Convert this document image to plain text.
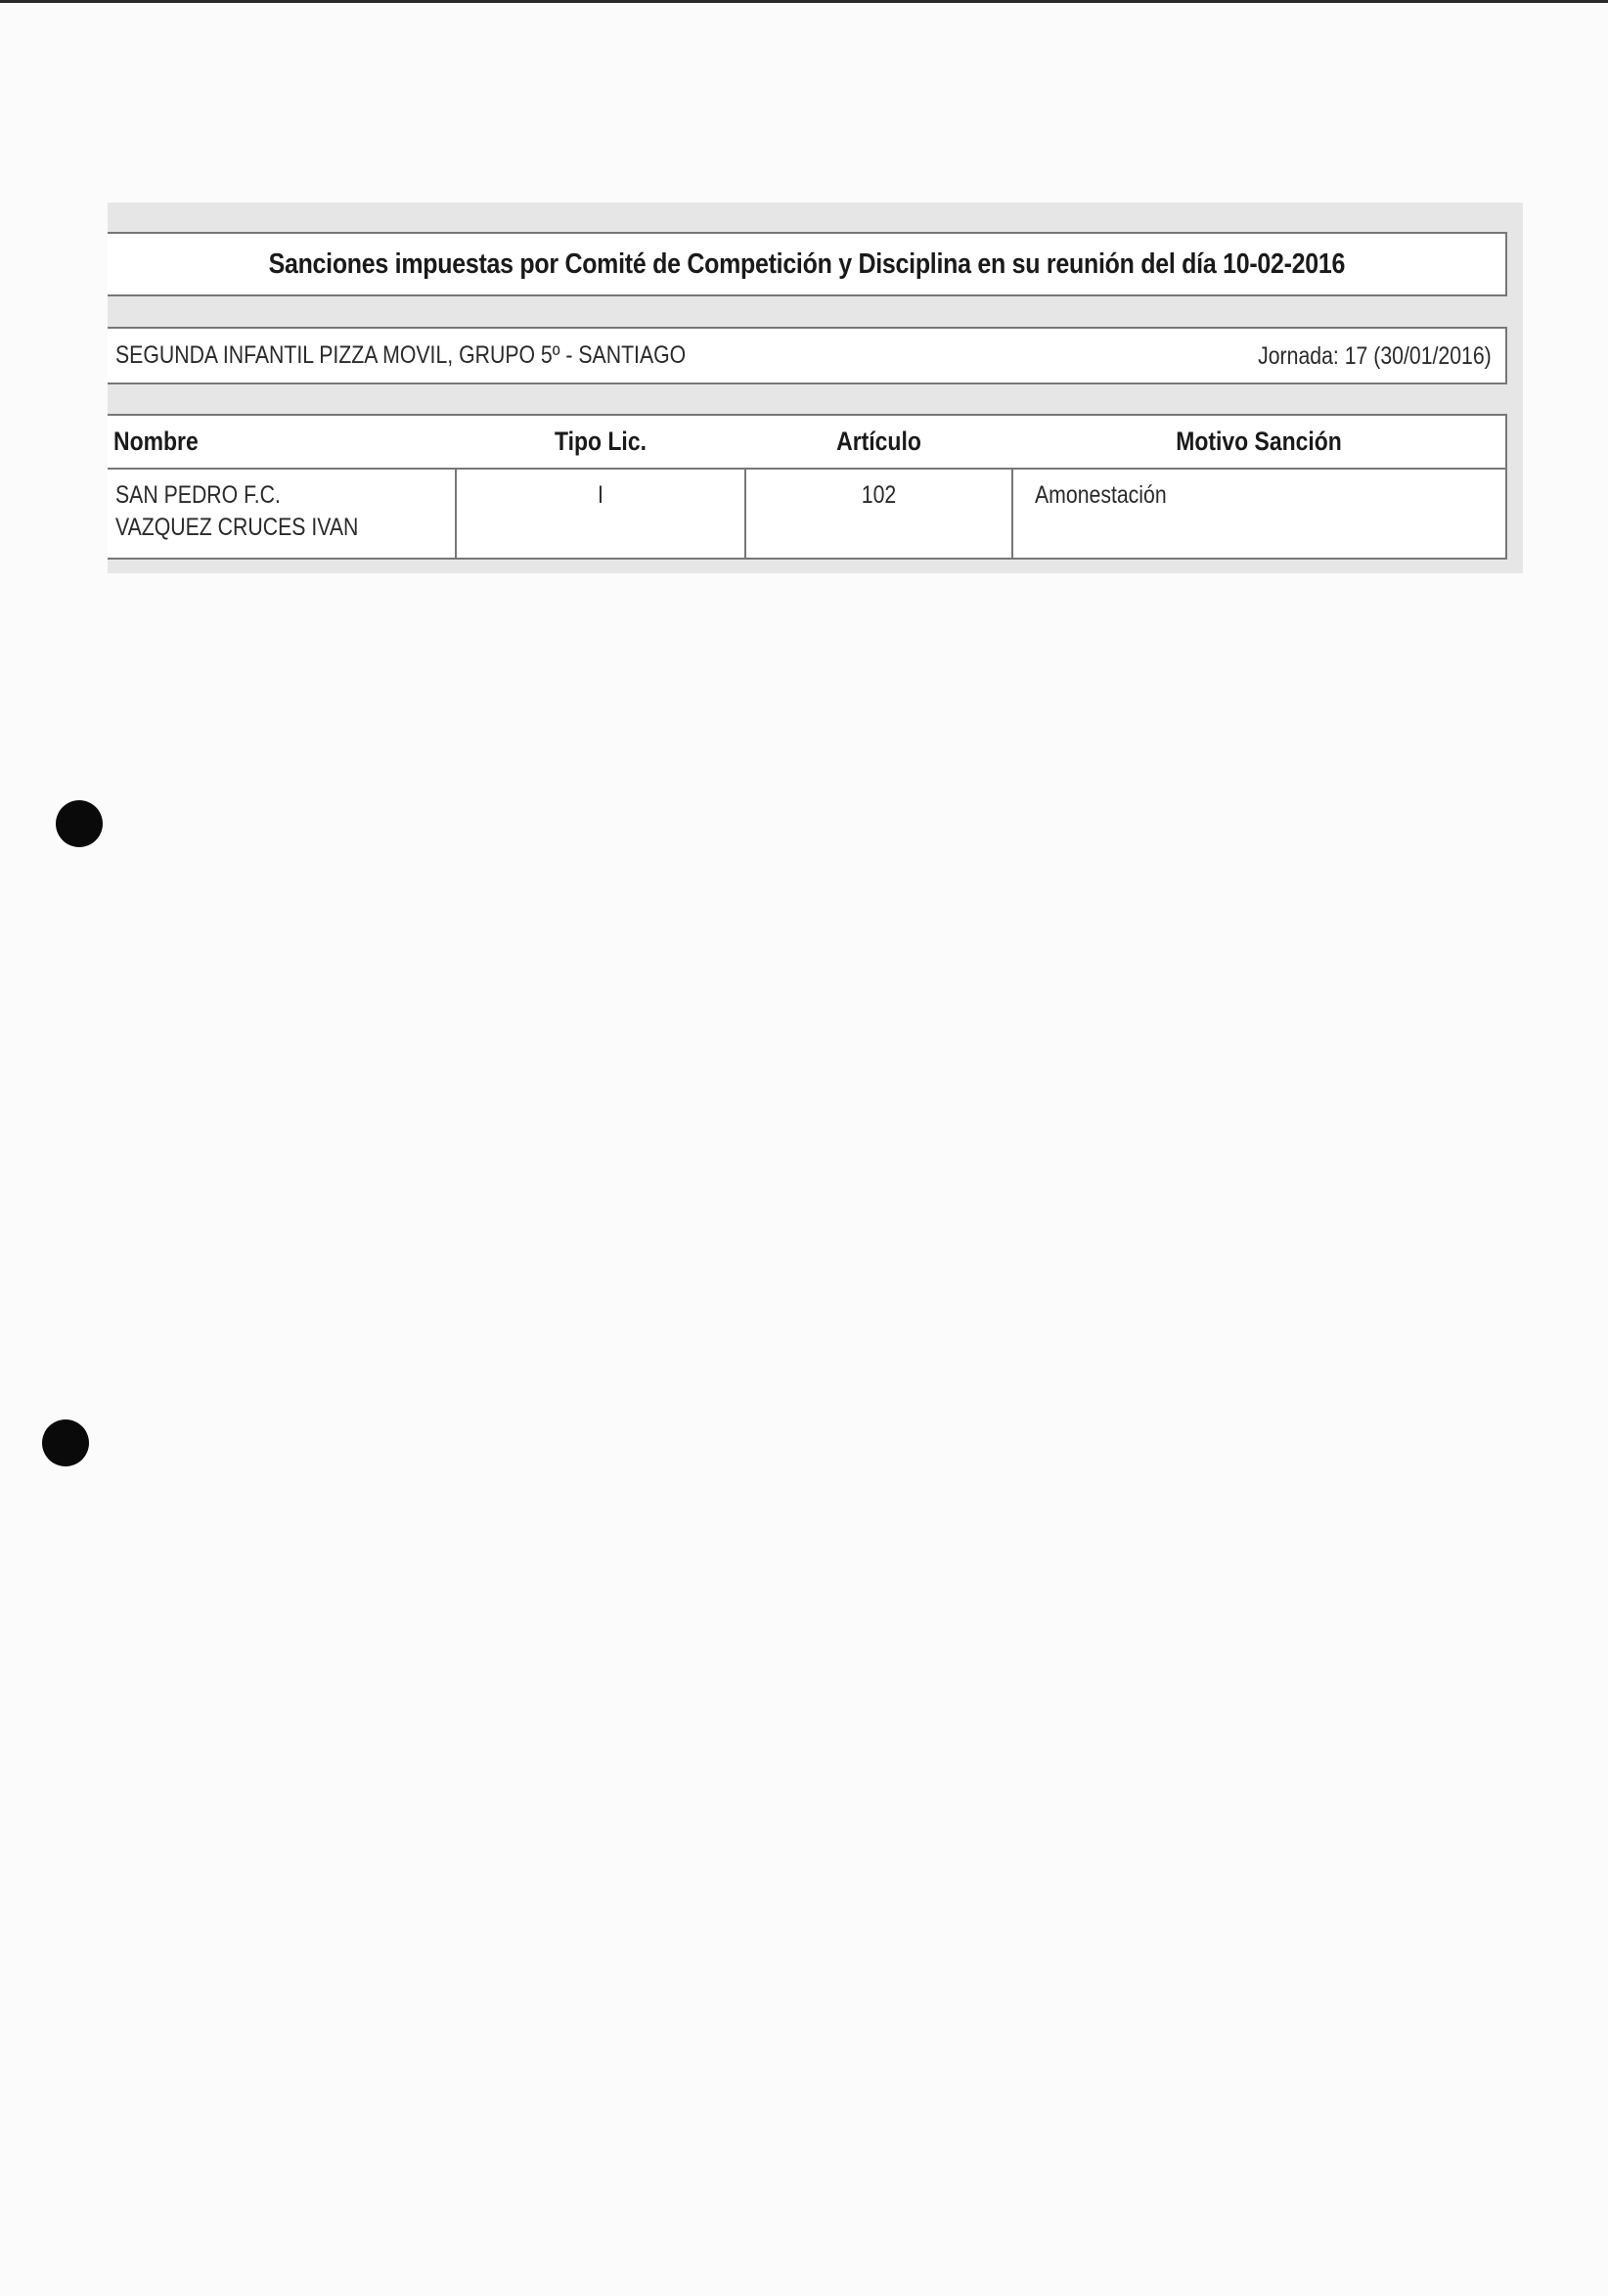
Sanciones impuestas por Comité de Competición y Disciplina en su reunión del día 10-02-2016
SEGUNDA INFANTIL PIZZA MOVIL, GRUPO 5º - SANTIAGO	Jornada: 17 (30/01/2016)
Nombre	Tipo Lic.	Artículo	Motivo Sanción
SAN PEDRO F.C.
VAZQUEZ CRUCES IVAN
I	102	Amonestación
